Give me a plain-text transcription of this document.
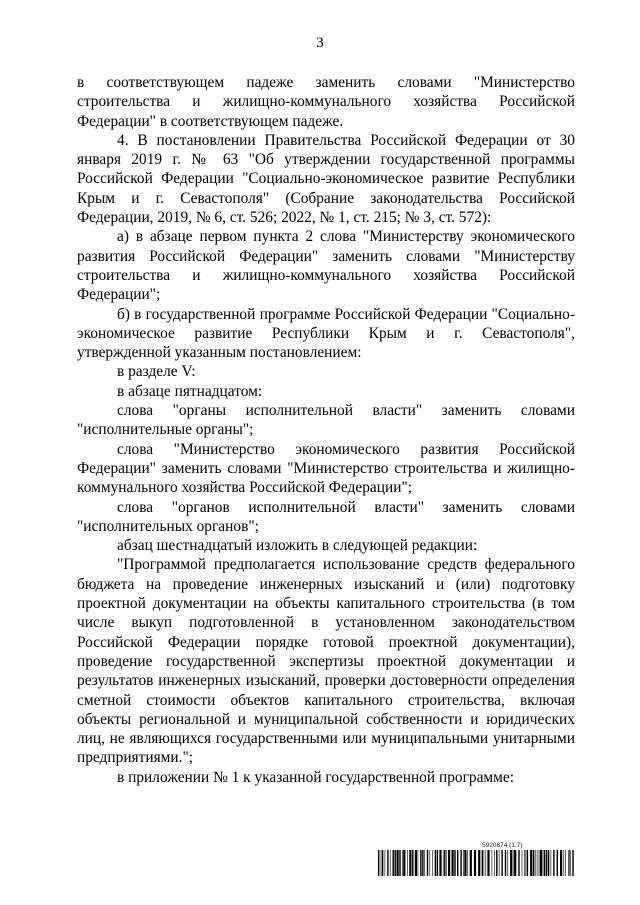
3

в соответствующем падеже заменить словами "Министерство строительства и жилищно-коммунального хозяйства Российской Федерации" в соответствующем падеже.

4. В постановлении Правительства Российской Федерации от 30 января 2019 г. № 63 "Об утверждении государственной программы Российской Федерации "Социально-экономическое развитие Республики Крым и г. Севастополя" (Собрание законодательства Российской Федерации, 2019, № 6, ст. 526; 2022, № 1, ст. 215; № 3, ст. 572):

а) в абзаце первом пункта 2 слова "Министерству экономического развития Российской Федерации" заменить словами "Министерству строительства и жилищно-коммунального хозяйства Российской Федерации";

б) в государственной программе Российской Федерации "Социально-экономическое развитие Республики Крым и г. Севастополя", утвержденной указанным постановлением:

в разделе V:

в абзаце пятнадцатом:

слова "органы исполнительной власти" заменить словами "исполнительные органы";

слова "Министерство экономического развития Российской Федерации" заменить словами "Министерство строительства и жилищно-коммунального хозяйства Российской Федерации";

слова "органов исполнительной власти" заменить словами "исполнительных органов";

абзац шестнадцатый изложить в следующей редакции:

"Программой предполагается использование средств федерального бюджета на проведение инженерных изысканий и (или) подготовку проектной документации на объекты капитального строительства (в том числе выкуп подготовленной в установленном законодательством Российской Федерации порядке готовой проектной документации), проведение государственной экспертизы проектной документации и результатов инженерных изысканий, проверки достоверности определения сметной стоимости объектов капитального строительства, включая объекты региональной и муниципальной собственности и юридических лиц, не являющихся государственными или муниципальными унитарными предприятиями.";

в приложении № 1 к указанной государственной программе:

5920874 (1.7)
